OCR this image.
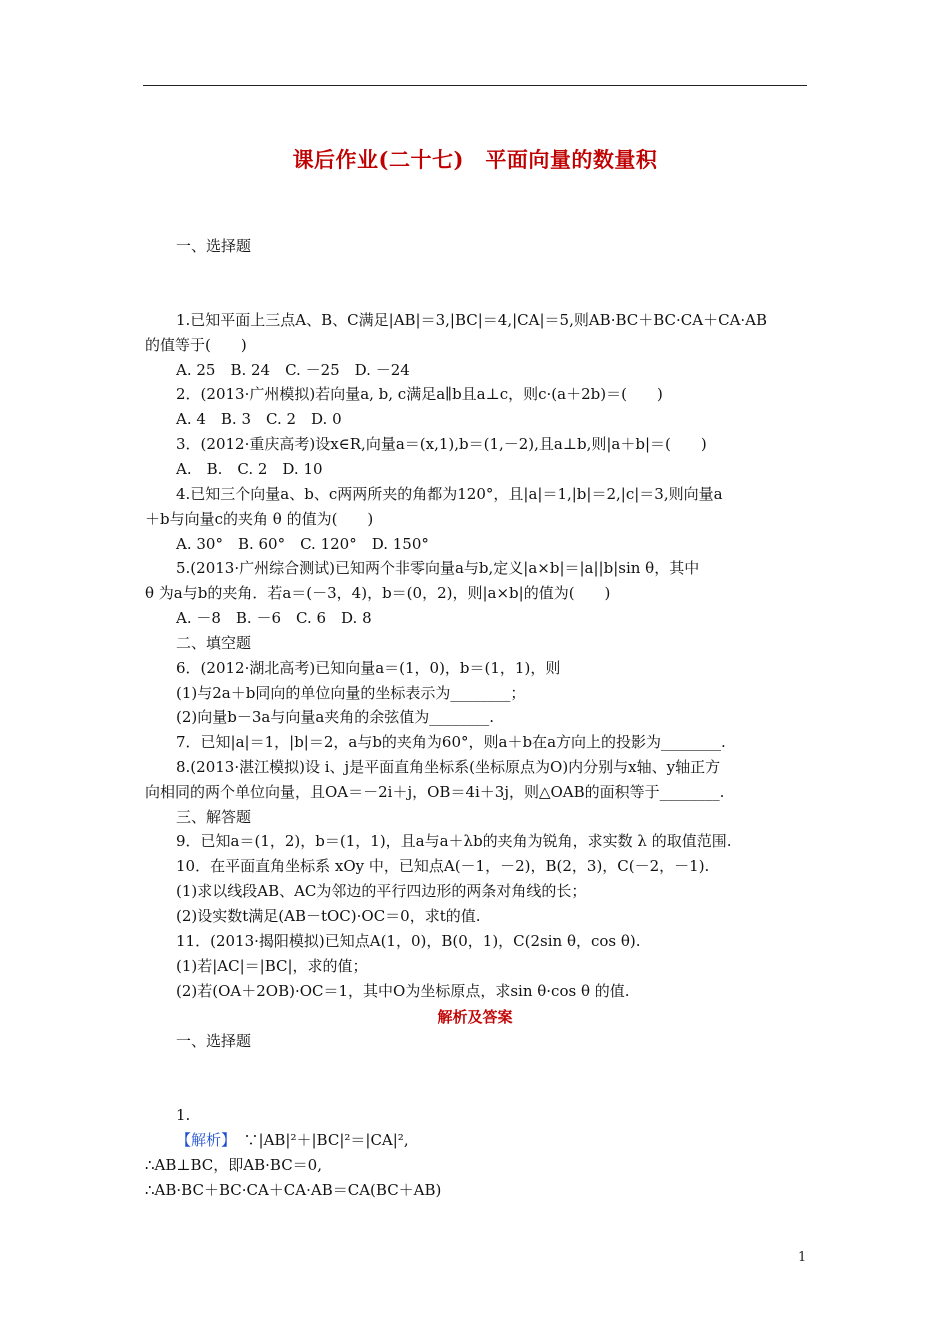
课后作业(二十七)　平面向量的数量积
一、选择题
1.已知平面上三点A、B、C满足|AB|＝3,|BC|＝4,|CA|＝5,则AB·BC＋BC·CA＋CA·AB
的值等于(　　)
A. 25　B. 24　C. －25　D. －24
2．(2013·广州模拟)若向量a, b, c满足a∥b且a⊥c，则c·(a＋2b)＝(　　)
A. 4　B. 3　C. 2　D. 0
3．(2012·重庆高考)设x∈R,向量a＝(x,1),b＝(1,－2),且a⊥b,则|a＋b|＝(　　)
A.　B.　C. 2　D. 10
4.已知三个向量a、b、c两两所夹的角都为120°，且|a|＝1,|b|＝2,|c|＝3,则向量a
＋b与向量c的夹角 θ 的值为(　　)
A. 30°　B. 60°　C. 120°　D. 150°
5.(2013·广州综合测试)已知两个非零向量a与b,定义|a×b|＝|a||b|sin θ，其中
θ 为a与b的夹角．若a＝(－3，4)，b＝(0，2)，则|a×b|的值为(　　)
A. －8　B. －6　C. 6　D. 8
二、填空题
6．(2012·湖北高考)已知向量a＝(1，0)，b＝(1，1)，则
(1)与2a＋b同向的单位向量的坐标表示为________；
(2)向量b－3a与向量a夹角的余弦值为________.
7．已知|a|＝1，|b|＝2，a与b的夹角为60°，则a＋b在a方向上的投影为________.
8.(2013·湛江模拟)设 i、j是平面直角坐标系(坐标原点为O)内分别与x轴、y轴正方
向相同的两个单位向量，且OA＝－2i＋j，OB＝4i＋3j，则△OAB的面积等于________.
三、解答题
9．已知a＝(1，2)，b＝(1，1)，且a与a＋λb的夹角为锐角，求实数 λ 的取值范围.
10．在平面直角坐标系 xOy 中，已知点A(－1，－2)，B(2，3)，C(－2，－1).
(1)求以线段AB、AC为邻边的平行四边形的两条对角线的长；
(2)设实数t满足(AB－tOC)·OC＝0，求t的值.
11．(2013·揭阳模拟)已知点A(1，0)，B(0，1)，C(2sin θ，cos θ).
(1)若|AC|＝|BC|，求的值；
(2)若(OA＋2OB)·OC＝1，其中O为坐标原点，求sin θ·cos θ 的值.
解析及答案
一、选择题
1.
【解析】　∵|AB|²＋|BC|²＝|CA|²,
∴AB⊥BC，即AB·BC＝0,
∴AB·BC＋BC·CA＋CA·AB＝CA(BC＋AB)
1
